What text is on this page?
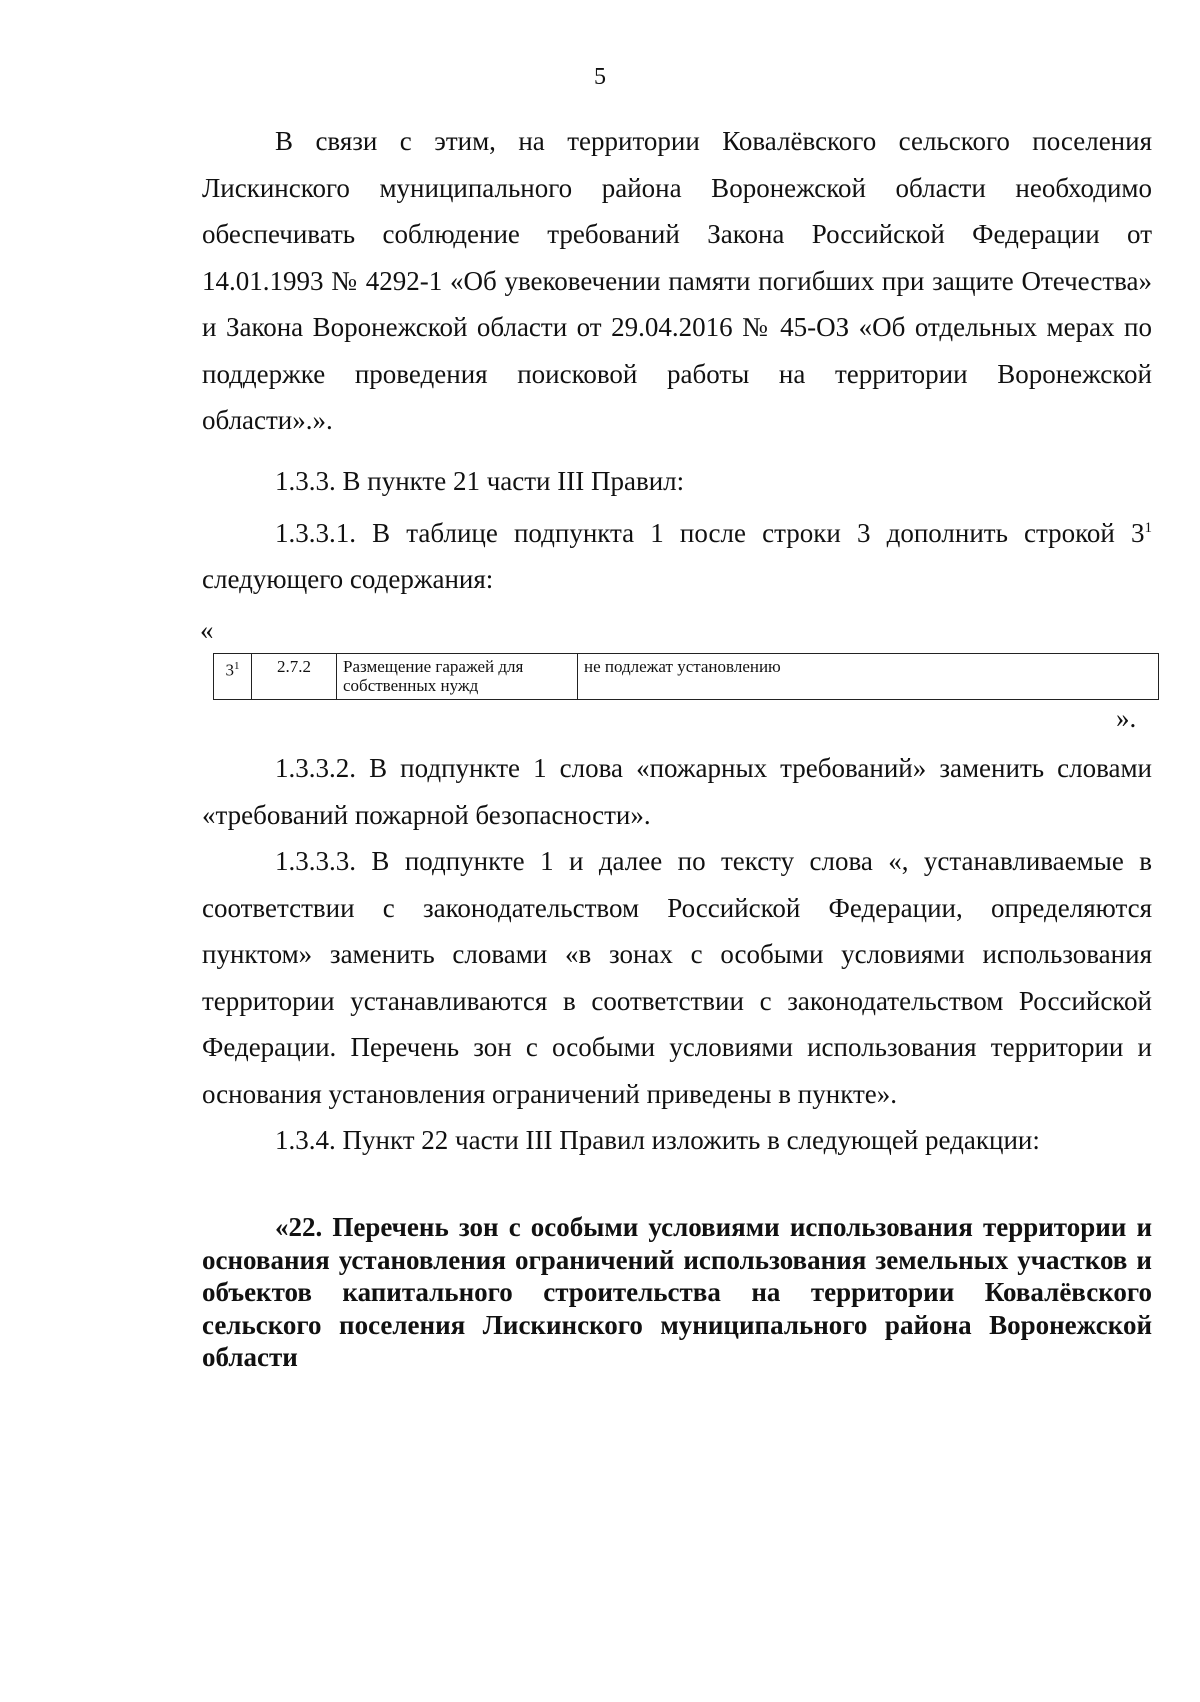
5

В связи с этим, на территории Ковалёвского сельского поселения Лискинского муниципального района Воронежской области необходимо обеспечивать соблюдение требований Закона Российской Федерации от 14.01.1993 № 4292-1 «Об увековечении памяти погибших при защите Отечества» и Закона Воронежской области от 29.04.2016 № 45-ОЗ «Об отдельных мерах по поддержке проведения поисковой работы на территории Воронежской области».».

1.3.3. В пункте 21 части III Правил:

1.3.3.1. В таблице подпункта 1 после строки 3 дополнить строкой $3^1$ следующего содержания:

«
$3^1$	2.7.2	Размещение гаражей для собственных нужд	не подлежат установлению
».

1.3.3.2. В подпункте 1 слова «пожарных требований» заменить словами «требований пожарной безопасности».

1.3.3.3. В подпункте 1 и далее по тексту слова «, устанавливаемые в соответствии с законодательством Российской Федерации, определяются пунктом» заменить словами «в зонах с особыми условиями использования территории устанавливаются в соответствии с законодательством Российской Федерации. Перечень зон с особыми условиями использования территории и основания установления ограничений приведены в пункте».

1.3.4. Пункт 22 части III Правил изложить в следующей редакции:

«22. Перечень зон с особыми условиями использования территории и основания установления ограничений использования земельных участков и объектов капитального строительства на территории Ковалёвского сельского поселения Лискинского муниципального района Воронежской области
